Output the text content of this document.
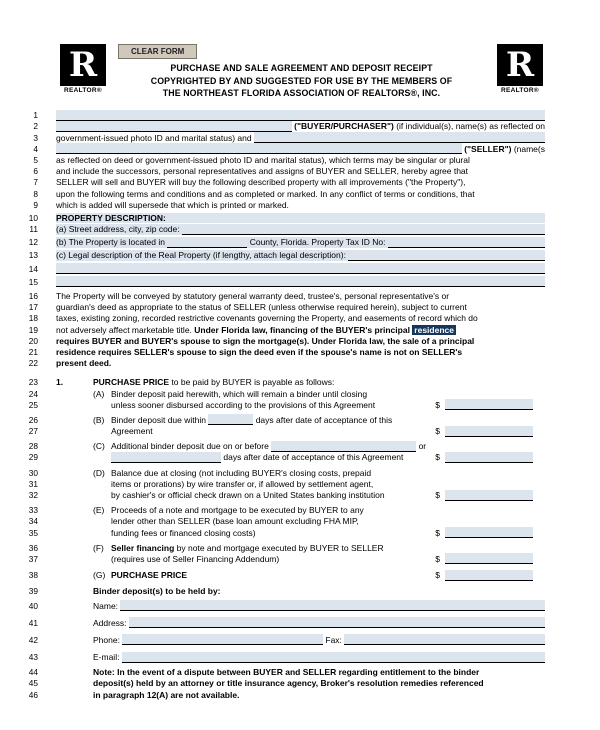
R
REALTOR®
CLEAR FORM
PURCHASE AND SALE AGREEMENT AND DEPOSIT RECEIPT
COPYRIGHTED BY AND SUGGESTED FOR USE BY THE MEMBERS OF
THE NORTHEAST FLORIDA ASSOCIATION OF REALTORS®, INC.
R
REALTOR®
1
2	("BUYER/PURCHASER") (if individual(s), name(s) as reflected on
3 government-issued photo ID and marital status) and
4	("SELLER") (name(s
5 as reflected on deed or government-issued photo ID and marital status), which terms may be singular or plural
6 and include the successors, personal representatives and assigns of BUYER and SELLER, hereby agree that
7 SELLER will sell and BUYER will buy the following described property with all improvements ("the Property"),
8 upon the following terms and conditions and as completed or marked. In any conflict of terms or conditions, that
9 which is added will supersede that which is printed or marked.
10 PROPERTY DESCRIPTION:
11 (a) Street address, city, zip code:
12 (b) The Property is located in	County, Florida. Property Tax ID No:
13 (c) Legal description of the Real Property (if lengthy, attach legal description):
14
15
16 The Property will be conveyed by statutory general warranty deed, trustee's, personal representative's or
17 guardian's deed as appropriate to the status of SELLER (unless otherwise required herein), subject to current
18 taxes, existing zoning, recorded restrictive covenants governing the Property, and easements of record which do
19 not adversely affect marketable title. Under Florida law, financing of the BUYER's principal residence
20 requires BUYER and BUYER's spouse to sign the mortgage(s). Under Florida law, the sale of a principal
21 residence requires SELLER's spouse to sign the deed even if the spouse's name is not on SELLER's
22 present deed.
23 1.	PURCHASE PRICE to be paid by BUYER is payable as follows:
24	(A) Binder deposit paid herewith, which will remain a binder until closing
25	unless sooner disbursed according to the provisions of this Agreement	$
26	(B) Binder deposit due within	days after date of acceptance of this
27	Agreement	$
28	(C) Additional binder deposit due on or before	or
29	days after date of acceptance of this Agreement	$
30	(D) Balance due at closing (not including BUYER's closing costs, prepaid
31	items or prorations) by wire transfer or, if allowed by settlement agent,
32	by cashier's or official check drawn on a United States banking institution	$
33	(E) Proceeds of a note and mortgage to be executed by BUYER to any
34	lender other than SELLER (base loan amount excluding FHA MIP,
35	funding fees or financed closing costs)	$
36	(F) Seller financing by note and mortgage executed by BUYER to SELLER
37	(requires use of Seller Financing Addendum)	$
38	(G) PURCHASE PRICE	$
39	Binder deposit(s) to be held by:
40	Name:
41	Address:
42	Phone:	Fax:
43	E-mail:
44	Note: In the event of a dispute between BUYER and SELLER regarding entitlement to the binder
45	deposit(s) held by an attorney or title insurance agency, Broker's resolution remedies referenced
46	in paragraph 12(A) are not available.
